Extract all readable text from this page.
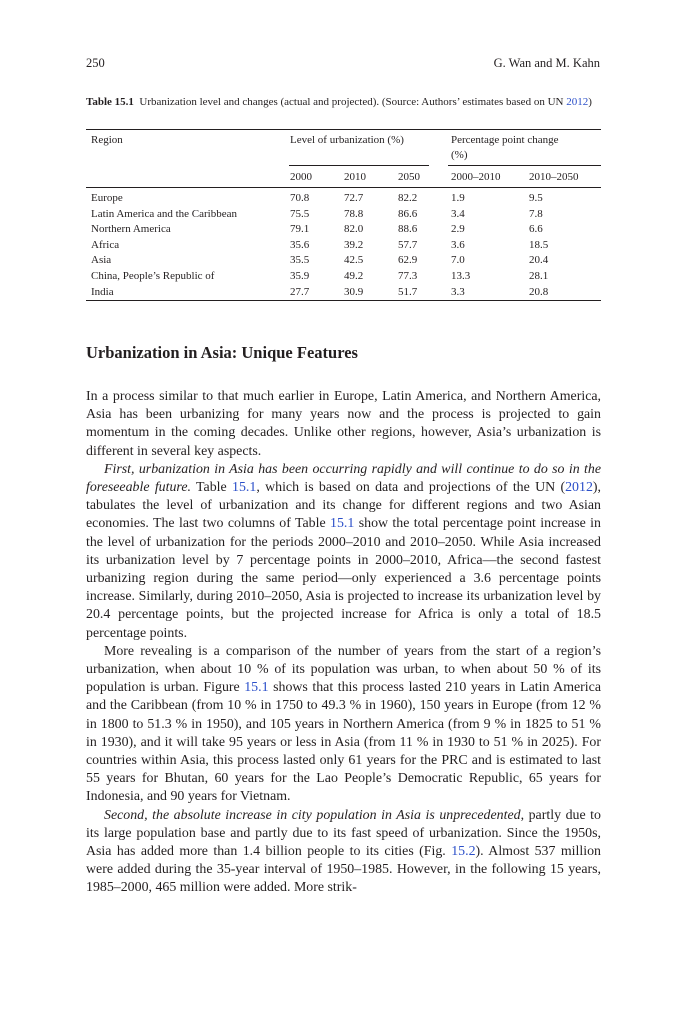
250	G. Wan and M. Kahn
Table 15.1 Urbanization level and changes (actual and projected). (Source: Authors’ estimates based on UN 2012)
Region	Level of urbanization (%)	Percentage point change
(%)
2000	2010	2050	2000–2010	2010–2050
Europe	70.8	72.7	82.2	1.9	9.5
Latin America and the Caribbean	75.5	78.8	86.6	3.4	7.8
Northern America	79.1	82.0	88.6	2.9	6.6
Africa	35.6	39.2	57.7	3.6	18.5
Asia	35.5	42.5	62.9	7.0	20.4
China, People’s Republic of	35.9	49.2	77.3	13.3	28.1
India	27.7	30.9	51.7	3.3	20.8
Urbanization in Asia: Unique Features

In a process similar to that much earlier in Europe, Latin America, and Northern America, Asia has been urbanizing for many years now and the process is projected to gain momentum in the coming decades. Unlike other regions, however, Asia’s urbanization is different in several key aspects.

First, urbanization in Asia has been occurring rapidly and will continue to do so in the foreseeable future. Table 15.1, which is based on data and projections of the UN (2012), tabulates the level of urbanization and its change for different regions and two Asian economies. The last two columns of Table 15.1 show the total percentage point increase in the level of urbanization for the periods 2000–2010 and 2010–2050. While Asia increased its urbanization level by 7 percentage points in 2000–2010, Africa—the second fastest urbanizing region during the same period—only experienced a 3.6 percentage points increase. Similarly, during 2010–2050, Asia is projected to increase its urbanization level by 20.4 percentage points, but the projected increase for Africa is only a total of 18.5 percentage points.

More revealing is a comparison of the number of years from the start of a region’s urbanization, when about 10 % of its population was urban, to when about 50 % of its population is urban. Figure 15.1 shows that this process lasted 210 years in Latin America and the Caribbean (from 10 % in 1750 to 49.3 % in 1960), 150 years in Europe (from 12 % in 1800 to 51.3 % in 1950), and 105 years in Northern America (from 9 % in 1825 to 51 % in 1930), and it will take 95 years or less in Asia (from 11 % in 1930 to 51 % in 2025). For countries within Asia, this process lasted only 61 years for the PRC and is estimated to last 55 years for Bhutan, 60 years for the Lao People’s Democratic Republic, 65 years for Indonesia, and 90 years for Vietnam.

Second, the absolute increase in city population in Asia is unprecedented, partly due to its large population base and partly due to its fast speed of urbanization. Since the 1950s, Asia has added more than 1.4 billion people to its cities (Fig. 15.2). Almost 537 million were added during the 35-year interval of 1950–1985. However, in the following 15 years, 1985–2000, 465 million were added. More strik-
